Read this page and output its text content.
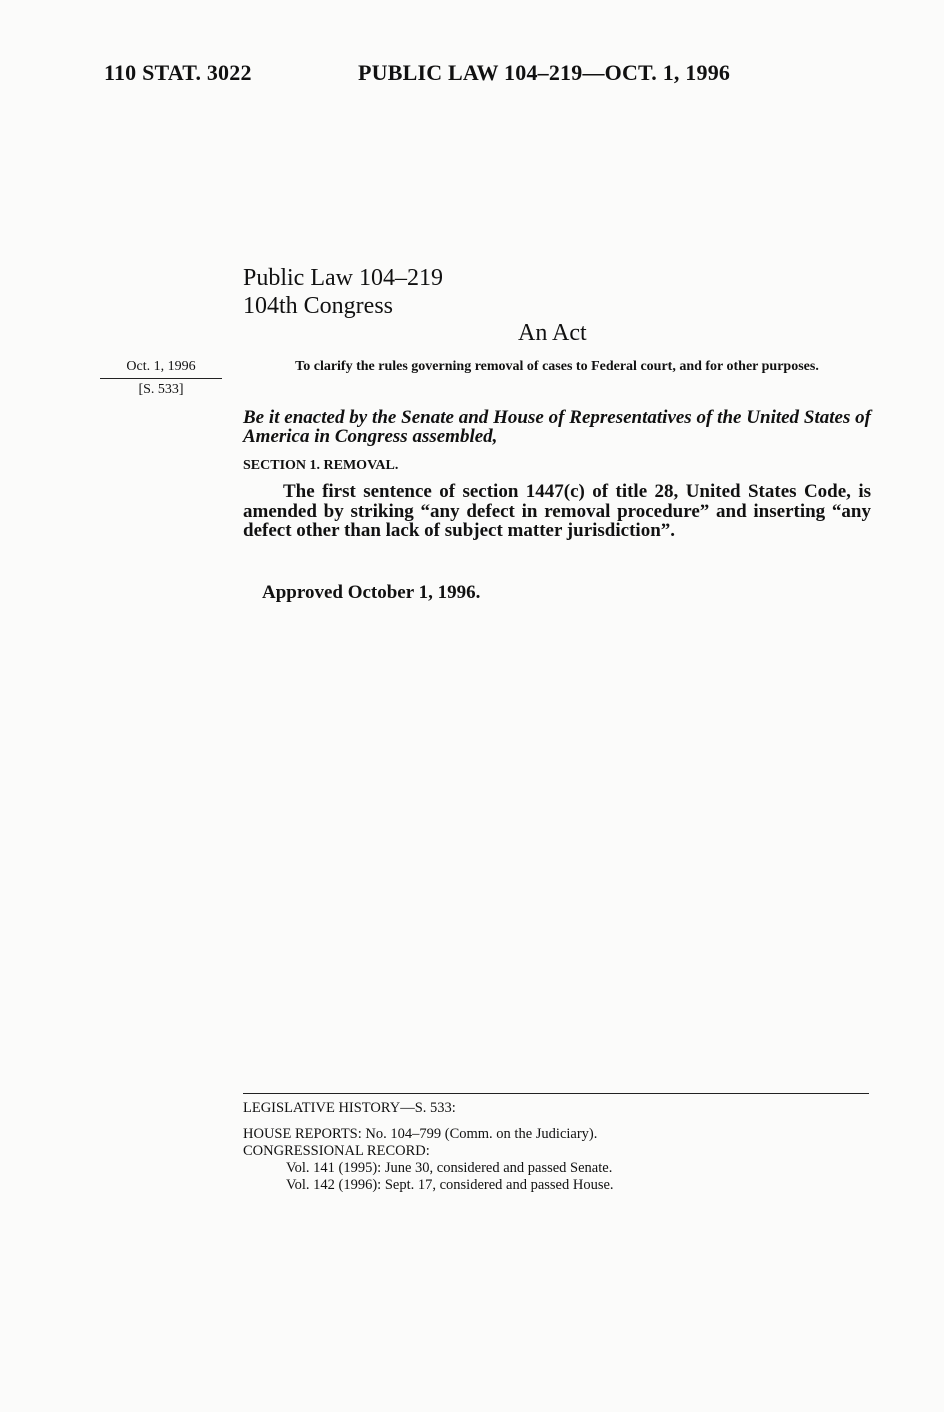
110 STAT. 3022	PUBLIC LAW 104–219—OCT. 1, 1996
Public Law 104–219
104th Congress
An Act
Oct. 1, 1996
[S. 533]
To clarify the rules governing removal of cases to Federal court, and for other purposes.
Be it enacted by the Senate and House of Representatives of the United States of America in Congress assembled,
SECTION 1. REMOVAL.
The first sentence of section 1447(c) of title 28, United States Code, is amended by striking “any defect in removal procedure” and inserting “any defect other than lack of subject matter jurisdiction”.
Approved October 1, 1996.
LEGISLATIVE HISTORY—S. 533:
HOUSE REPORTS: No. 104–799 (Comm. on the Judiciary).
CONGRESSIONAL RECORD:
Vol. 141 (1995): June 30, considered and passed Senate.
Vol. 142 (1996): Sept. 17, considered and passed House.
